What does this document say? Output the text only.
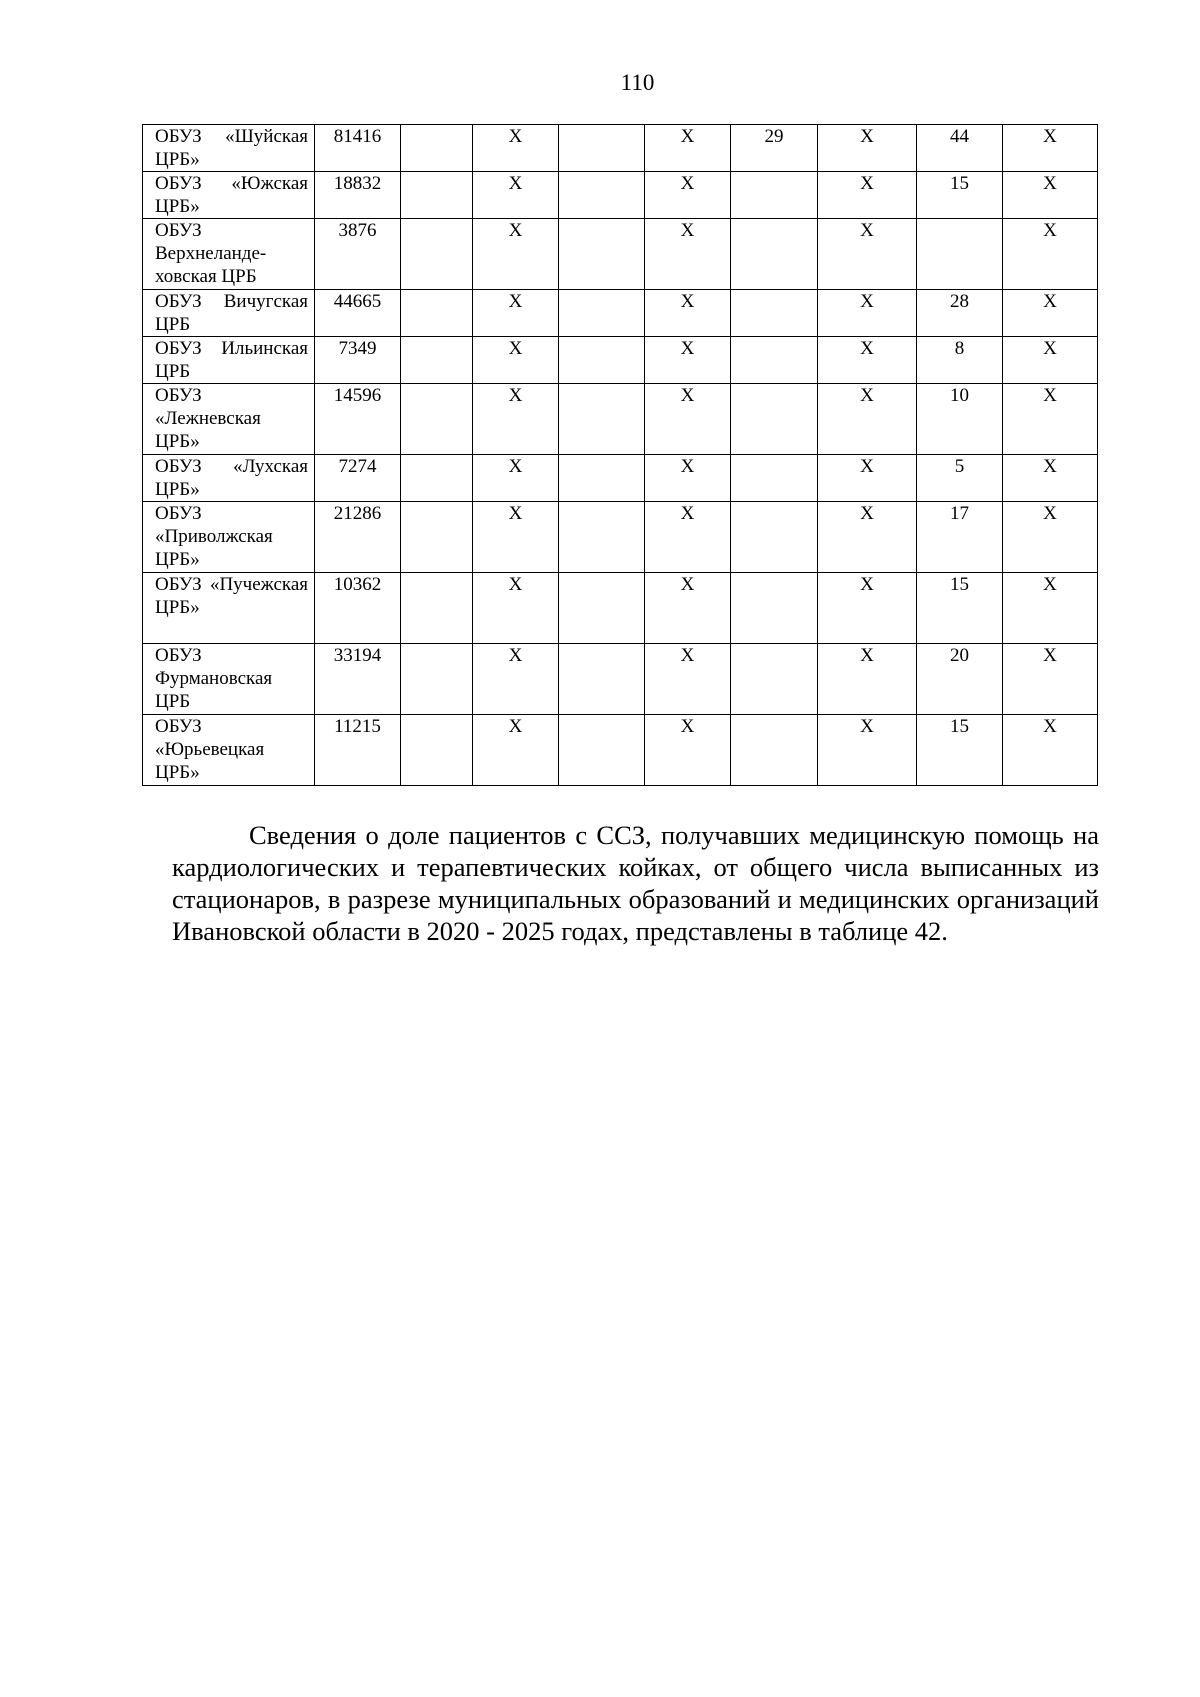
110
ОБУЗ «Шуйская ЦРБ»	81416		Х		Х	29	Х	44	Х
ОБУЗ «Южская ЦРБ»	18832		Х		Х		Х	15	Х
ОБУЗ Верхнеланде-ховская ЦРБ	3876		Х		Х		Х		Х
ОБУЗ Вичугская ЦРБ	44665		Х		Х		Х	28	Х
ОБУЗ Ильинская ЦРБ	7349		Х		Х		Х	8	Х
ОБУЗ «Лежневская ЦРБ»	14596		Х		Х		Х	10	Х
ОБУЗ «Лухская ЦРБ»	7274		Х		Х		Х	5	Х
ОБУЗ «Приволжская ЦРБ»	21286		Х		Х		Х	17	Х
ОБУЗ «Пучежская ЦРБ»	10362		Х		Х		Х	15	Х
ОБУЗ Фурмановская ЦРБ	33194		Х		Х		Х	20	Х
ОБУЗ «Юрьевецкая ЦРБ»	11215		Х		Х		Х	15	Х
Сведения о доле пациентов с ССЗ, получавших медицинскую помощь на кардиологических и терапевтических койках, от общего числа выписанных из стационаров, в разрезе муниципальных образований и медицинских организаций Ивановской области в 2020 - 2025 годах, представлены в таблице 42.
